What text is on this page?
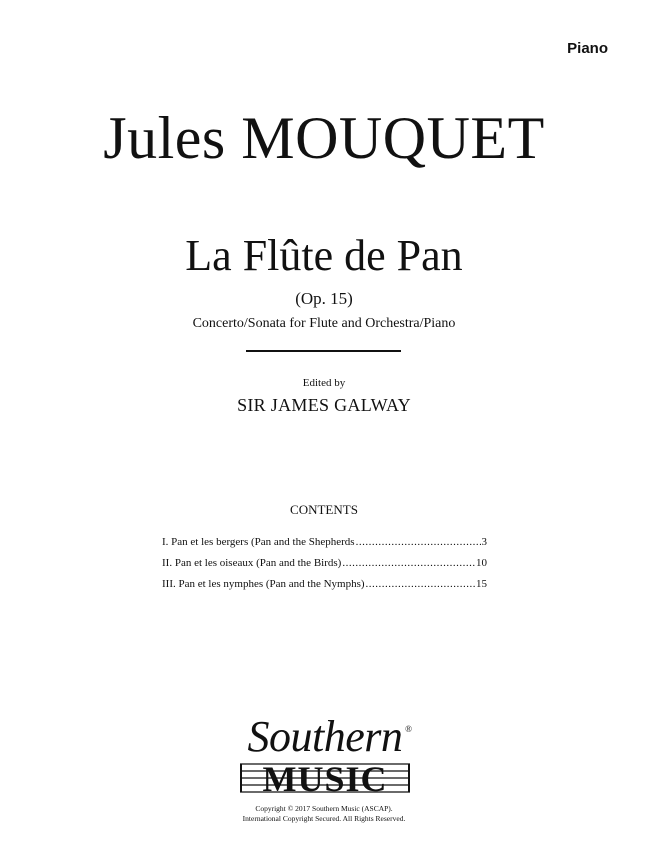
Piano
Jules MOUQUET
La Flûte de Pan
(Op. 15)
Concerto/Sonata for Flute and Orchestra/Piano
Edited by
SIR JAMES GALWAY
CONTENTS
I. Pan et les bergers (Pan and the Shepherds .....	3
II. Pan et les oiseaux (Pan and the Birds) .....	10
III. Pan et les nymphes (Pan and the Nymphs) .....	15
Southern ®
MUSIC
Copyright © 2017 Southern Music (ASCAP).
International Copyright Secured. All Rights Reserved.
